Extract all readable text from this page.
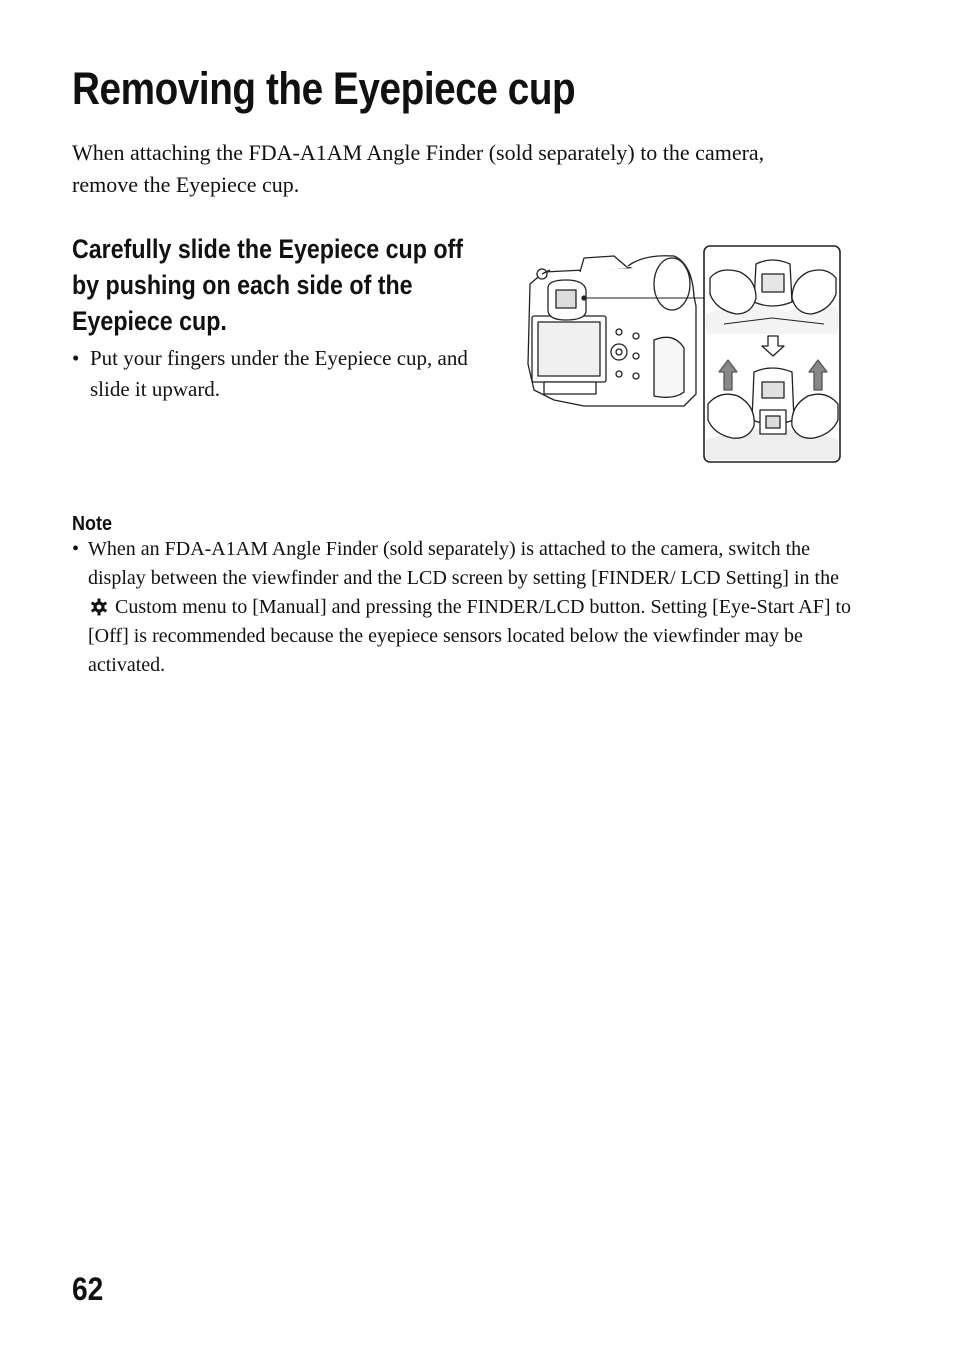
Removing the Eyepiece cup

When attaching the FDA-A1AM Angle Finder (sold separately) to the camera, remove the Eyepiece cup.

Carefully slide the Eyepiece cup off
by pushing on each side of the
Eyepiece cup.

• Put your fingers under the Eyepiece cup, and slide it upward.

Note

• When an FDA-A1AM Angle Finder (sold separately) is attached to the camera, switch the display between the viewfinder and the LCD screen by setting [FINDER/ LCD Setting] in the  Custom menu to [Manual] and pressing the FINDER/LCD button. Setting [Eye-Start AF] to [Off] is recommended because the eyepiece sensors located below the viewfinder may be activated.

62
